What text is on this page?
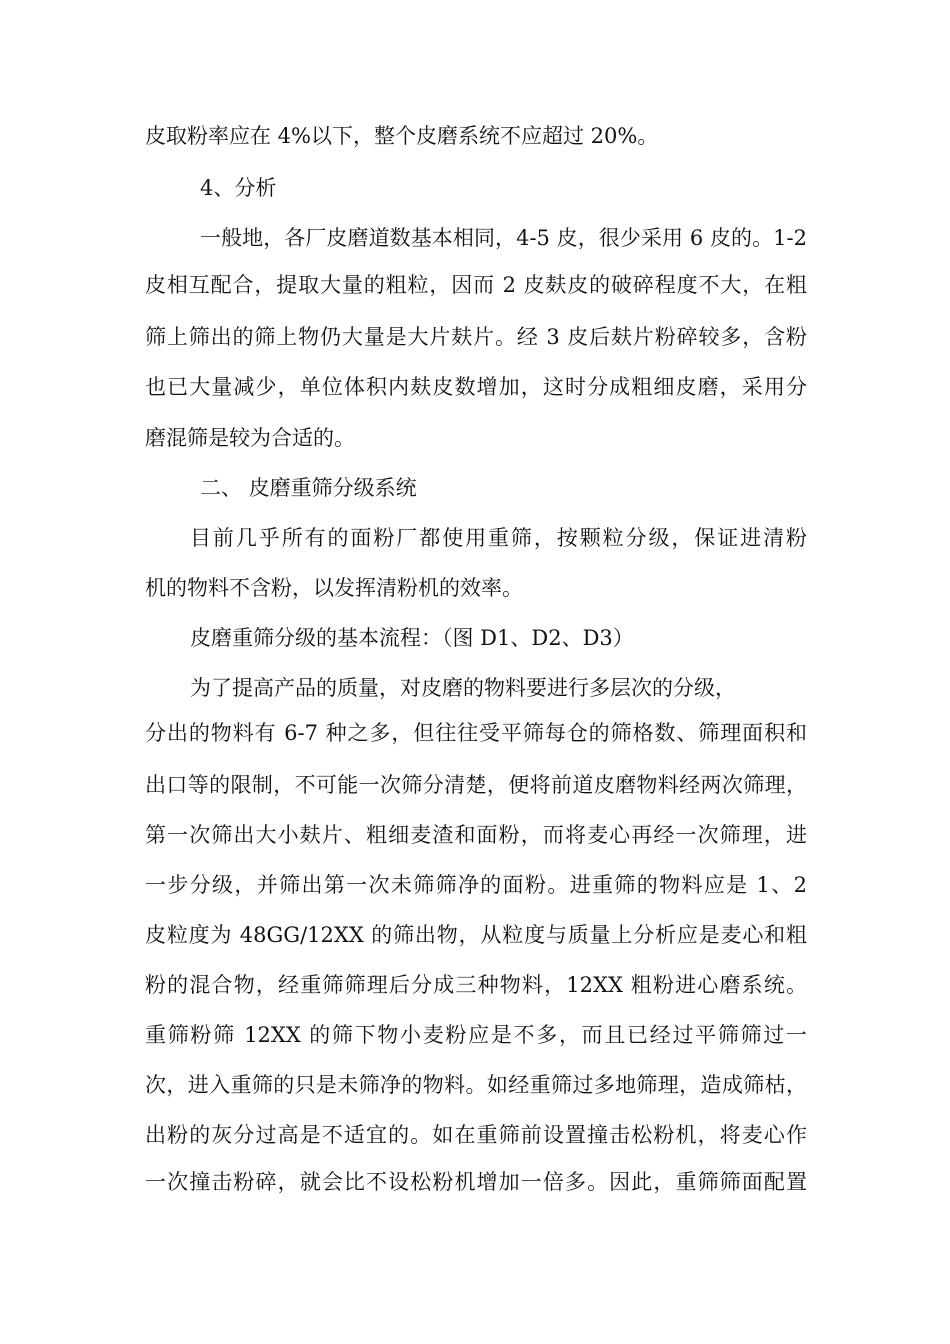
皮取粉率应在 4%以下，整个皮磨系统不应超过 20%。
4、分析
一般地，各厂皮磨道数基本相同，4-5 皮，很少采用 6 皮的。1-2
皮相互配合，提取大量的粗粒，因而 2 皮麸皮的破碎程度不大，在粗
筛上筛出的筛上物仍大量是大片麸片。经 3 皮后麸片粉碎较多，含粉
也已大量减少，单位体积内麸皮数增加，这时分成粗细皮磨，采用分
磨混筛是较为合适的。
二、 皮磨重筛分级系统
目前几乎所有的面粉厂都使用重筛，按颗粒分级，保证进清粉
机的物料不含粉，以发挥清粉机的效率。
皮磨重筛分级的基本流程：（图 D1、D2、D3）
为了提高产品的质量，对皮磨的物料要进行多层次的分级，
分出的物料有 6-7 种之多，但往往受平筛每仓的筛格数、筛理面积和
出口等的限制，不可能一次筛分清楚，便将前道皮磨物料经两次筛理，
第一次筛出大小麸片、粗细麦渣和面粉，而将麦心再经一次筛理，进
一步分级，并筛出第一次未筛筛净的面粉。进重筛的物料应是 1、2
皮粒度为 48GG/12XX 的筛出物，从粒度与质量上分析应是麦心和粗
粉的混合物，经重筛筛理后分成三种物料，12XX 粗粉进心磨系统。
重筛粉筛 12XX 的筛下物小麦粉应是不多，而且已经过平筛筛过一
次，进入重筛的只是未筛净的物料。如经重筛过多地筛理，造成筛枯，
出粉的灰分过高是不适宜的。如在重筛前设置撞击松粉机，将麦心作
一次撞击粉碎，就会比不设松粉机增加一倍多。因此，重筛筛面配置
